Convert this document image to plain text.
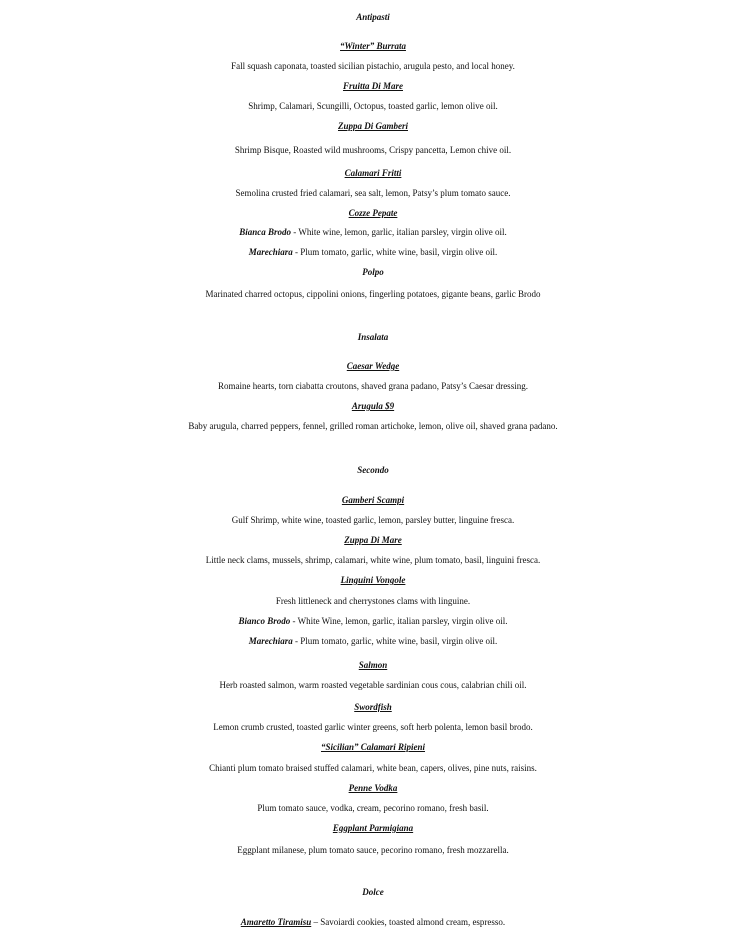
Antipasti
“Winter” Burrata
Fall squash caponata, toasted sicilian pistachio, arugula pesto, and local honey.
Fruitta Di Mare
Shrimp, Calamari, Scungilli, Octopus, toasted garlic, lemon olive oil.
Zuppa Di Gamberi
Shrimp Bisque, Roasted wild mushrooms, Crispy pancetta, Lemon chive oil.
Calamari Fritti
Semolina crusted fried calamari, sea salt, lemon, Patsy’s plum tomato sauce.
Cozze Pepate
Bianca Brodo - White wine, lemon, garlic, italian parsley, virgin olive oil.
Marechiara - Plum tomato, garlic, white wine, basil, virgin olive oil.
Polpo
Marinated charred octopus, cippolini onions, fingerling potatoes, gigante beans, garlic Brodo
Insalata
Caesar Wedge
Romaine hearts, torn ciabatta croutons, shaved grana padano, Patsy’s Caesar dressing.
Arugula $9
Baby arugula, charred peppers, fennel, grilled roman artichoke, lemon, olive oil, shaved grana padano.
Secondo
Gamberi Scampi
Gulf Shrimp, white wine, toasted garlic, lemon, parsley butter, linguine fresca.
Zuppa Di Mare
Little neck clams, mussels, shrimp, calamari, white wine, plum tomato, basil, linguini fresca.
Linguini Vongole
Fresh littleneck and cherrystones clams with linguine.
Bianco Brodo - White Wine, lemon, garlic, italian parsley, virgin olive oil.
Marechiara - Plum tomato, garlic, white wine, basil, virgin olive oil.
Salmon
Herb roasted salmon, warm roasted vegetable sardinian cous cous, calabrian chili oil.
Swordfish
Lemon crumb crusted, toasted garlic winter greens, soft herb polenta, lemon basil brodo.
“Sicilian” Calamari Ripieni
Chianti plum tomato braised stuffed calamari, white bean, capers, olives, pine nuts, raisins.
Penne Vodka
Plum tomato sauce, vodka, cream, pecorino romano, fresh basil.
Eggplant Parmigiana
Eggplant milanese, plum tomato sauce, pecorino romano, fresh mozzarella.
Dolce
Amaretto Tiramisu – Savoiardi cookies, toasted almond cream, espresso.
